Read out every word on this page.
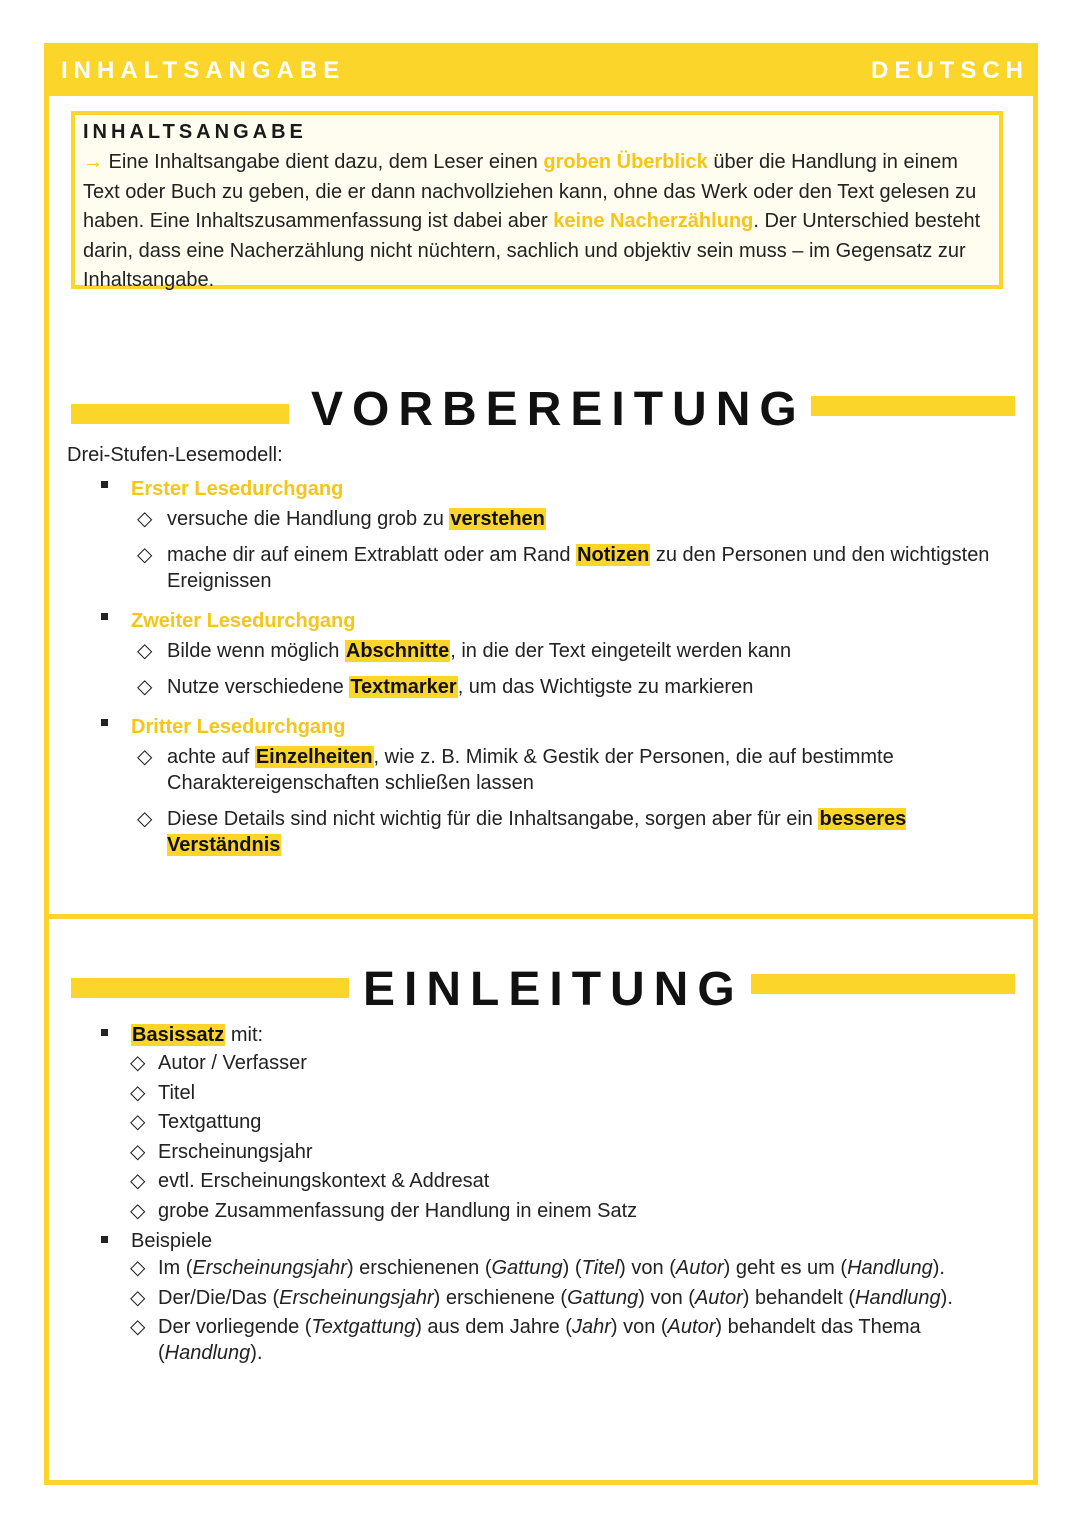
INHALTSANGABE	DEUTSCH
INHALTSANGABE

→ Eine Inhaltsangabe dient dazu, dem Leser einen groben Überblick über die Handlung in einem Text oder Buch zu geben, die er dann nachvollziehen kann, ohne das Werk oder den Text gelesen zu haben. Eine Inhaltszusammenfassung ist dabei aber keine Nacherzählung. Der Unterschied besteht darin, dass eine Nacherzählung nicht nüchtern, sachlich und objektiv sein muss – im Gegensatz zur Inhaltsangabe.

VORBEREITUNG

Drei-Stufen-Lesemodell:

Erster Lesedurchgang
◇ versuche die Handlung grob zu verstehen
◇ mache dir auf einem Extrablatt oder am Rand Notizen zu den Personen und den wichtigsten Ereignissen
Zweiter Lesedurchgang
◇ Bilde wenn möglich Abschnitte, in die der Text eingeteilt werden kann
◇ Nutze verschiedene Textmarker, um das Wichtigste zu markieren
Dritter Lesedurchgang
◇ achte auf Einzelheiten, wie z. B. Mimik & Gestik der Personen, die auf bestimmte Charaktereigenschaften schließen lassen
◇ Diese Details sind nicht wichtig für die Inhaltsangabe, sorgen aber für ein besseres Verständnis
EINLEITUNG
Basissatz mit:
◇ Autor / Verfasser
◇ Titel
◇ Textgattung
◇ Erscheinungsjahr
◇ evtl. Erscheinungskontext & Addresat
◇ grobe Zusammenfassung der Handlung in einem Satz
Beispiele
◇ Im (Erscheinungsjahr) erschienenen (Gattung) (Titel) von (Autor) geht es um (Handlung).
◇ Der/Die/Das (Erscheinungsjahr) erschienene (Gattung) von (Autor) behandelt (Handlung).
◇ Der vorliegende (Textgattung) aus dem Jahre (Jahr) von (Autor) behandelt das Thema (Handlung).
